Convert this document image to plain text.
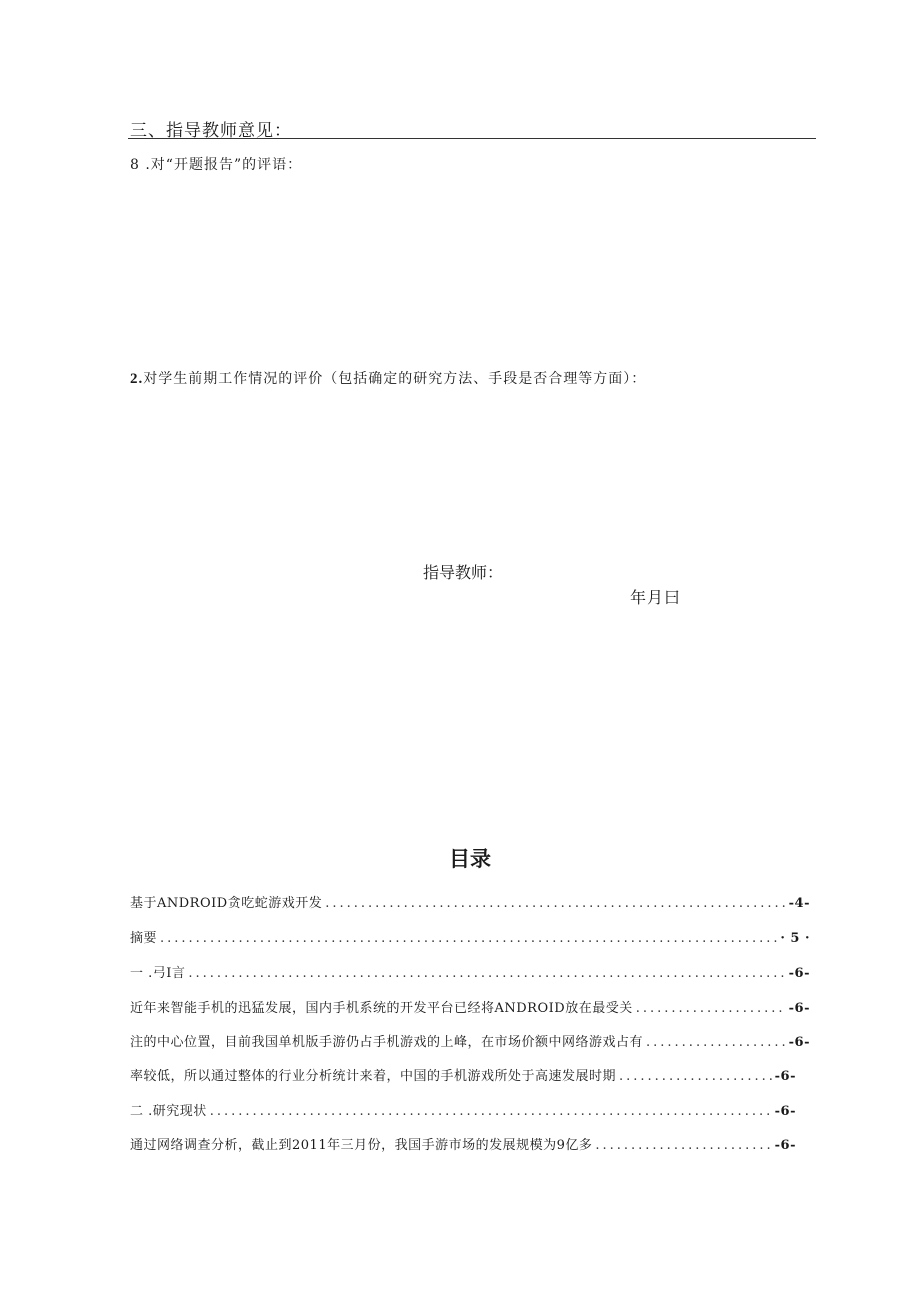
三、指导教师意见：
8 .对“开题报告”的评语：
2.对学生前期工作情况的评价（包括确定的研究方法、手段是否合理等方面）：
指导教师：
年月曰
目录
基于ANDROID贪吃蛇游戏开发 .....	-4-
摘要 .....	· 5 ·
一 .弓I言 .....	-6-
近年来智能手机的迅猛发展，国内手机系统的开发平台已经将ANDROID放在最受关 .....	-6-
注的中心位置，目前我国单机版手游仍占手机游戏的上峰，在市场价额中网络游戏占有 .....	-6-
率较低，所以通过整体的行业分析统计来着，中国的手机游戏所处于高速发展时期 .....	-6-
二 .研究现状 .....	-6-
通过网络调查分析，截止到2011年三月份，我国手游市场的发展规模为9亿多 .....	-6-
